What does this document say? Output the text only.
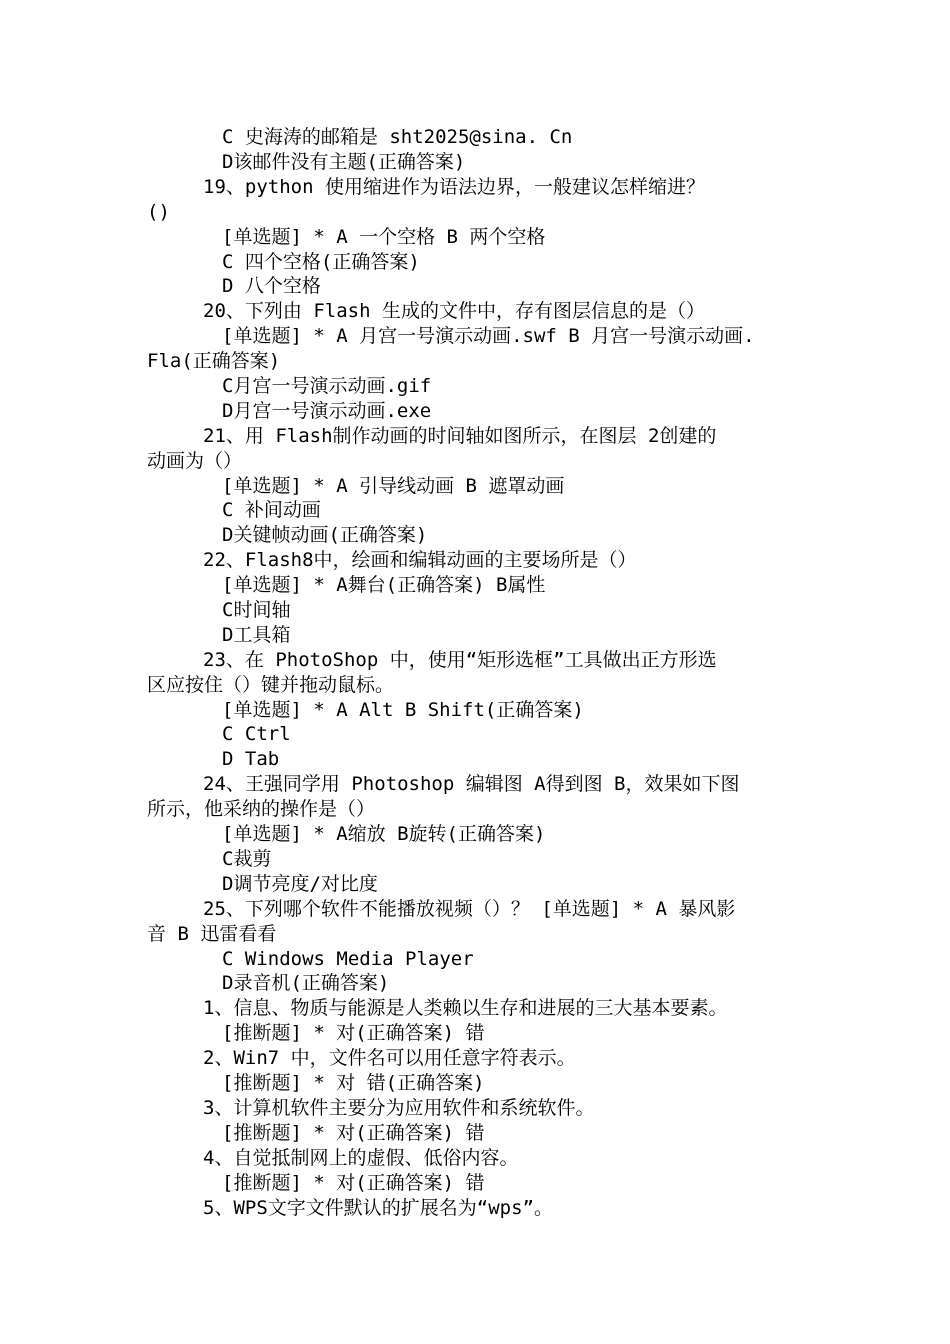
C 史海涛的邮箱是 sht2025@sina. Cn
D该邮件没有主题(正确答案)
19、python 使用缩进作为语法边界，一般建议怎样缩进？
()
[单选题] * A 一个空格 B 两个空格
C 四个空格(正确答案)
D 八个空格
20、下列由 Flash 生成的文件中，存有图层信息的是（）
[单选题] * A 月宫一号演示动画.swf B 月宫一号演示动画.
Fla(正确答案)
C月宫一号演示动画.gif
D月宫一号演示动画.exe
21、用 Flash制作动画的时间轴如图所示，在图层 2创建的
动画为（）
[单选题] * A 引导线动画 B 遮罩动画
C 补间动画
D关键帧动画(正确答案)
22、Flash8中，绘画和编辑动画的主要场所是（）
[单选题] * A舞台(正确答案) B属性
C时间轴
D工具箱
23、在 PhotoShop 中，使用“矩形选框”工具做出正方形选
区应按住（）键并拖动鼠标。
[单选题] * A Alt B Shift(正确答案)
C Ctrl
D Tab
24、王强同学用 Photoshop 编辑图 A得到图 B，效果如下图
所示，他采纳的操作是（）
[单选题] * A缩放 B旋转(正确答案)
C裁剪
D调节亮度/对比度
25、下列哪个软件不能播放视频（）？ [单选题] * A 暴风影
音 B 迅雷看看
C Windows Media Player
D录音机(正确答案)
1、信息、物质与能源是人类赖以生存和进展的三大基本要素。
[推断题] * 对(正确答案) 错
2、Win7 中，文件名可以用任意字符表示。
[推断题] * 对 错(正确答案)
3、计算机软件主要分为应用软件和系统软件。
[推断题] * 对(正确答案) 错
4、自觉抵制网上的虚假、低俗内容。
[推断题] * 对(正确答案) 错
5、WPS文字文件默认的扩展名为“wps”。
